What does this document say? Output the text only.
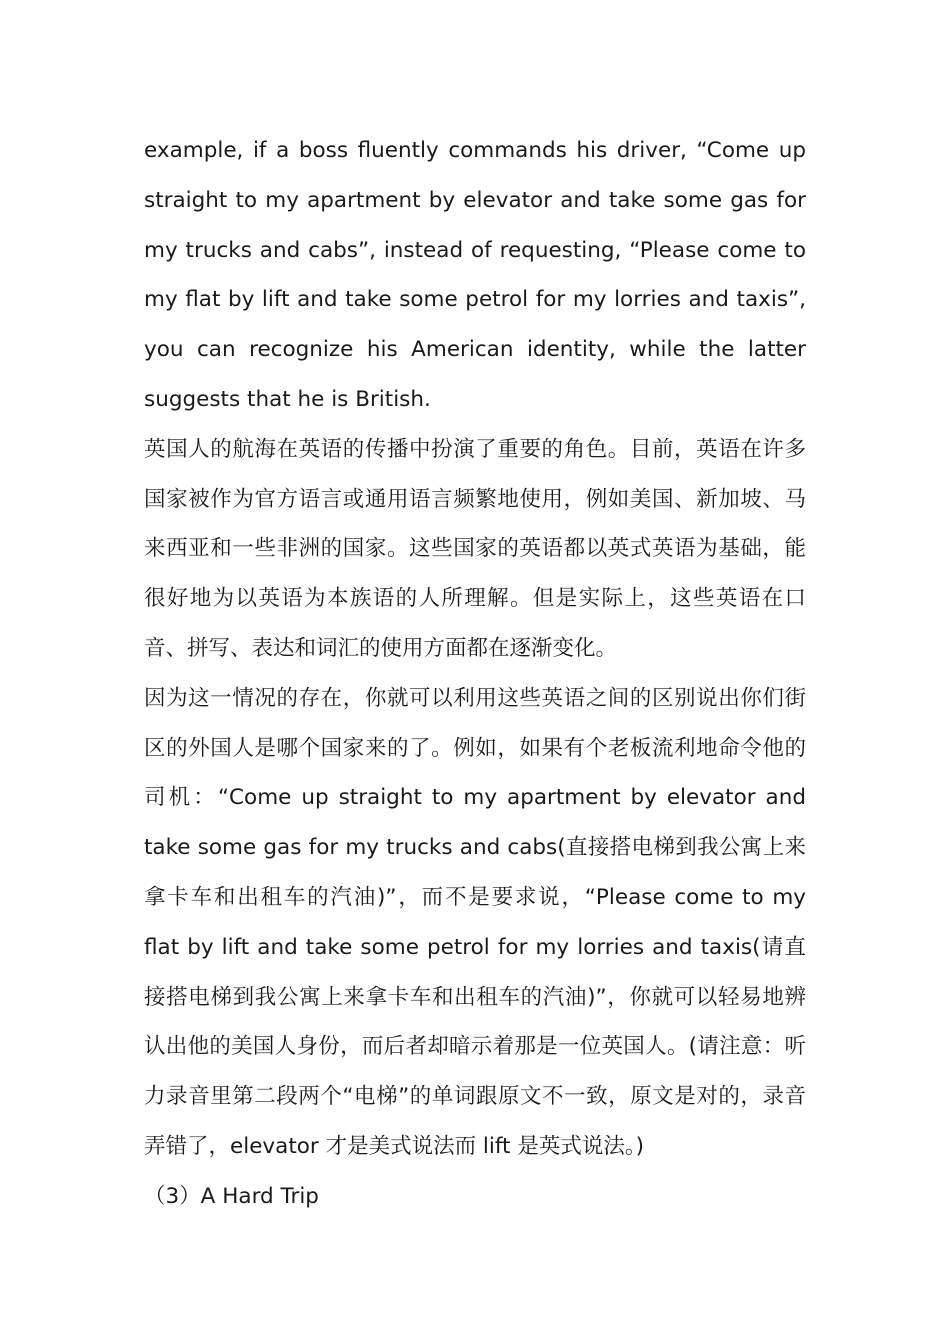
example, if a boss fluently commands his driver, “Come up straight to my apartment by elevator and take some gas for my trucks and cabs”, instead of requesting, “Please come to my flat by lift and take some petrol for my lorries and taxis”, you can recognize his American identity, while the latter suggests that he is British.

英国人的航海在英语的传播中扮演了重要的角色。目前，英语在许多国家被作为官方语言或通用语言频繁地使用，例如美国、新加坡、马来西亚和一些非洲的国家。这些国家的英语都以英式英语为基础，能很好地为以英语为本族语的人所理解。但是实际上，这些英语在口音、拼写、表达和词汇的使用方面都在逐渐变化。

因为这一情况的存在，你就可以利用这些英语之间的区别说出你们街区的外国人是哪个国家来的了。例如，如果有个老板流利地命令他的司机：“Come up straight to my apartment by elevator and take some gas for my trucks and cabs(直接搭电梯到我公寓上来拿卡车和出租车的汽油)”，而不是要求说，“Please come to my flat by lift and take some petrol for my lorries and taxis(请直接搭电梯到我公寓上来拿卡车和出租车的汽油)”，你就可以轻易地辨认出他的美国人身份，而后者却暗示着那是一位英国人。(请注意：听力录音里第二段两个“电梯”的单词跟原文不一致，原文是对的，录音弄错了，elevator 才是美式说法而 lift 是英式说法。)

（3）A Hard Trip
